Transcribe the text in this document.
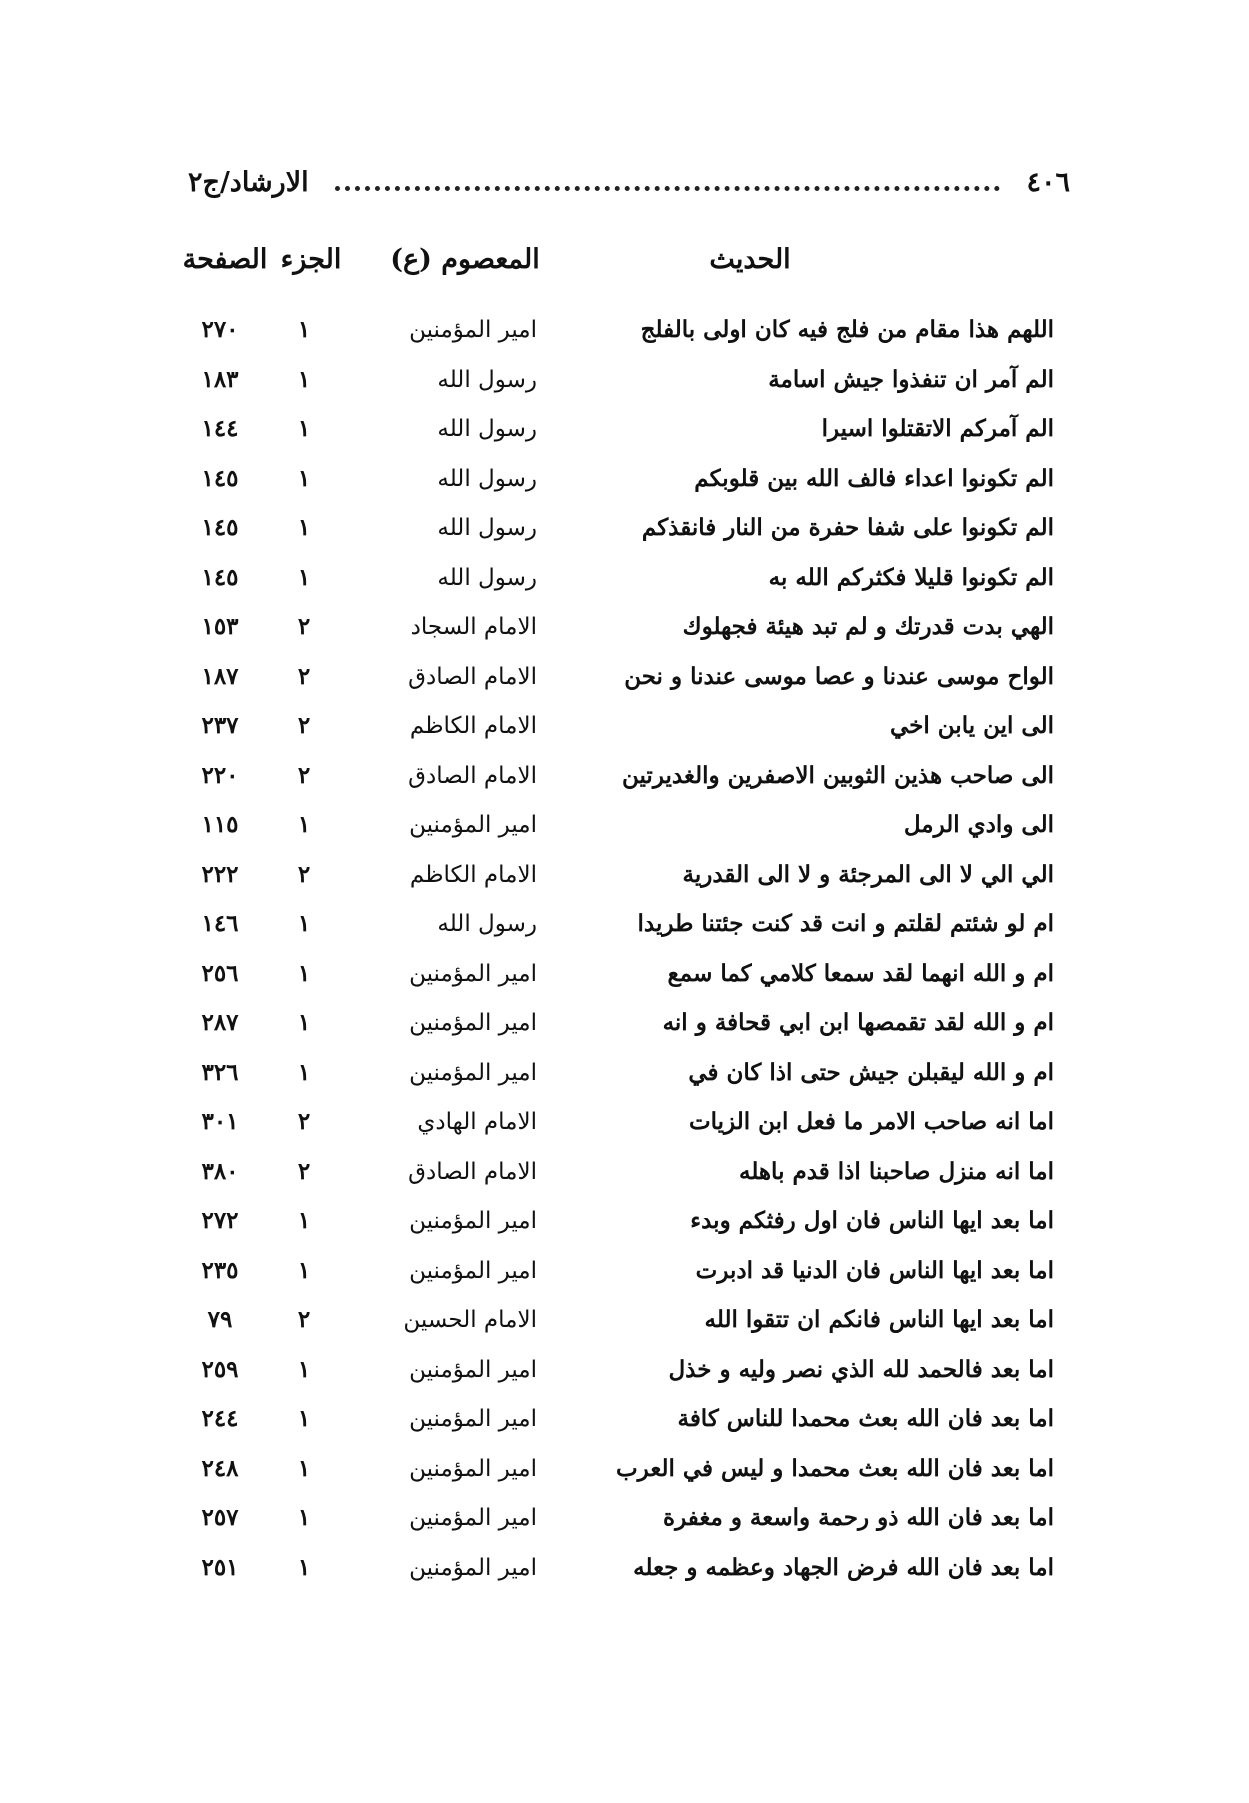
٤٠٦
الارشاد/ج٢
الحديث
المعصوم (ع)
الجزء
الصفحة
اللهم هذا مقام من فلج فيه كان اولى بالفلج
امير المؤمنين
١
٢٧٠
الم آمر ان تنفذوا جيش اسامة
رسول الله
١
١٨٣
الم آمركم الاتقتلوا اسيرا
رسول الله
١
١٤٤
الم تكونوا اعداء فالف الله بين قلوبكم
رسول الله
١
١٤٥
الم تكونوا على شفا حفرة من النار فانقذكم
رسول الله
١
١٤٥
الم تكونوا قليلا فكثركم الله به
رسول الله
١
١٤٥
الهي بدت قدرتك و لم تبد هيئة فجهلوك
الامام السجاد
٢
١٥٣
الواح موسى عندنا و عصا موسى عندنا و نحن
الامام الصادق
٢
١٨٧
الى اين يابن اخي
الامام الكاظم
٢
٢٣٧
الى صاحب هذين الثوبين الاصفرين والغديرتين
الامام الصادق
٢
٢٢٠
الى وادي الرمل
امير المؤمنين
١
١١٥
الي الي لا الى المرجئة و لا الى القدرية
الامام الكاظم
٢
٢٢٢
ام لو شئتم لقلتم و انت قد كنت جئتنا طريدا
رسول الله
١
١٤٦
ام و الله انهما لقد سمعا كلامي كما سمع
امير المؤمنين
١
٢٥٦
ام و الله لقد تقمصها ابن ابي قحافة و انه
امير المؤمنين
١
٢٨٧
ام و الله ليقبلن جيش حتى اذا كان في
امير المؤمنين
١
٣٢٦
اما انه صاحب الامر ما فعل ابن الزيات
الامام الهادي
٢
٣٠١
اما انه منزل صاحبنا اذا قدم باهله
الامام الصادق
٢
٣٨٠
اما بعد ايها الناس فان اول رفثكم وبدء
امير المؤمنين
١
٢٧٢
اما بعد ايها الناس فان الدنيا قد ادبرت
امير المؤمنين
١
٢٣٥
اما بعد ايها الناس فانكم ان تتقوا الله
الامام الحسين
٢
٧٩
اما بعد فالحمد لله الذي نصر وليه و خذل
امير المؤمنين
١
٢٥٩
اما بعد فان الله بعث محمدا للناس كافة
امير المؤمنين
١
٢٤٤
اما بعد فان الله بعث محمدا و ليس في العرب
امير المؤمنين
١
٢٤٨
اما بعد فان الله ذو رحمة واسعة و مغفرة
امير المؤمنين
١
٢٥٧
اما بعد فان الله فرض الجهاد وعظمه و جعله
امير المؤمنين
١
٢٥١
